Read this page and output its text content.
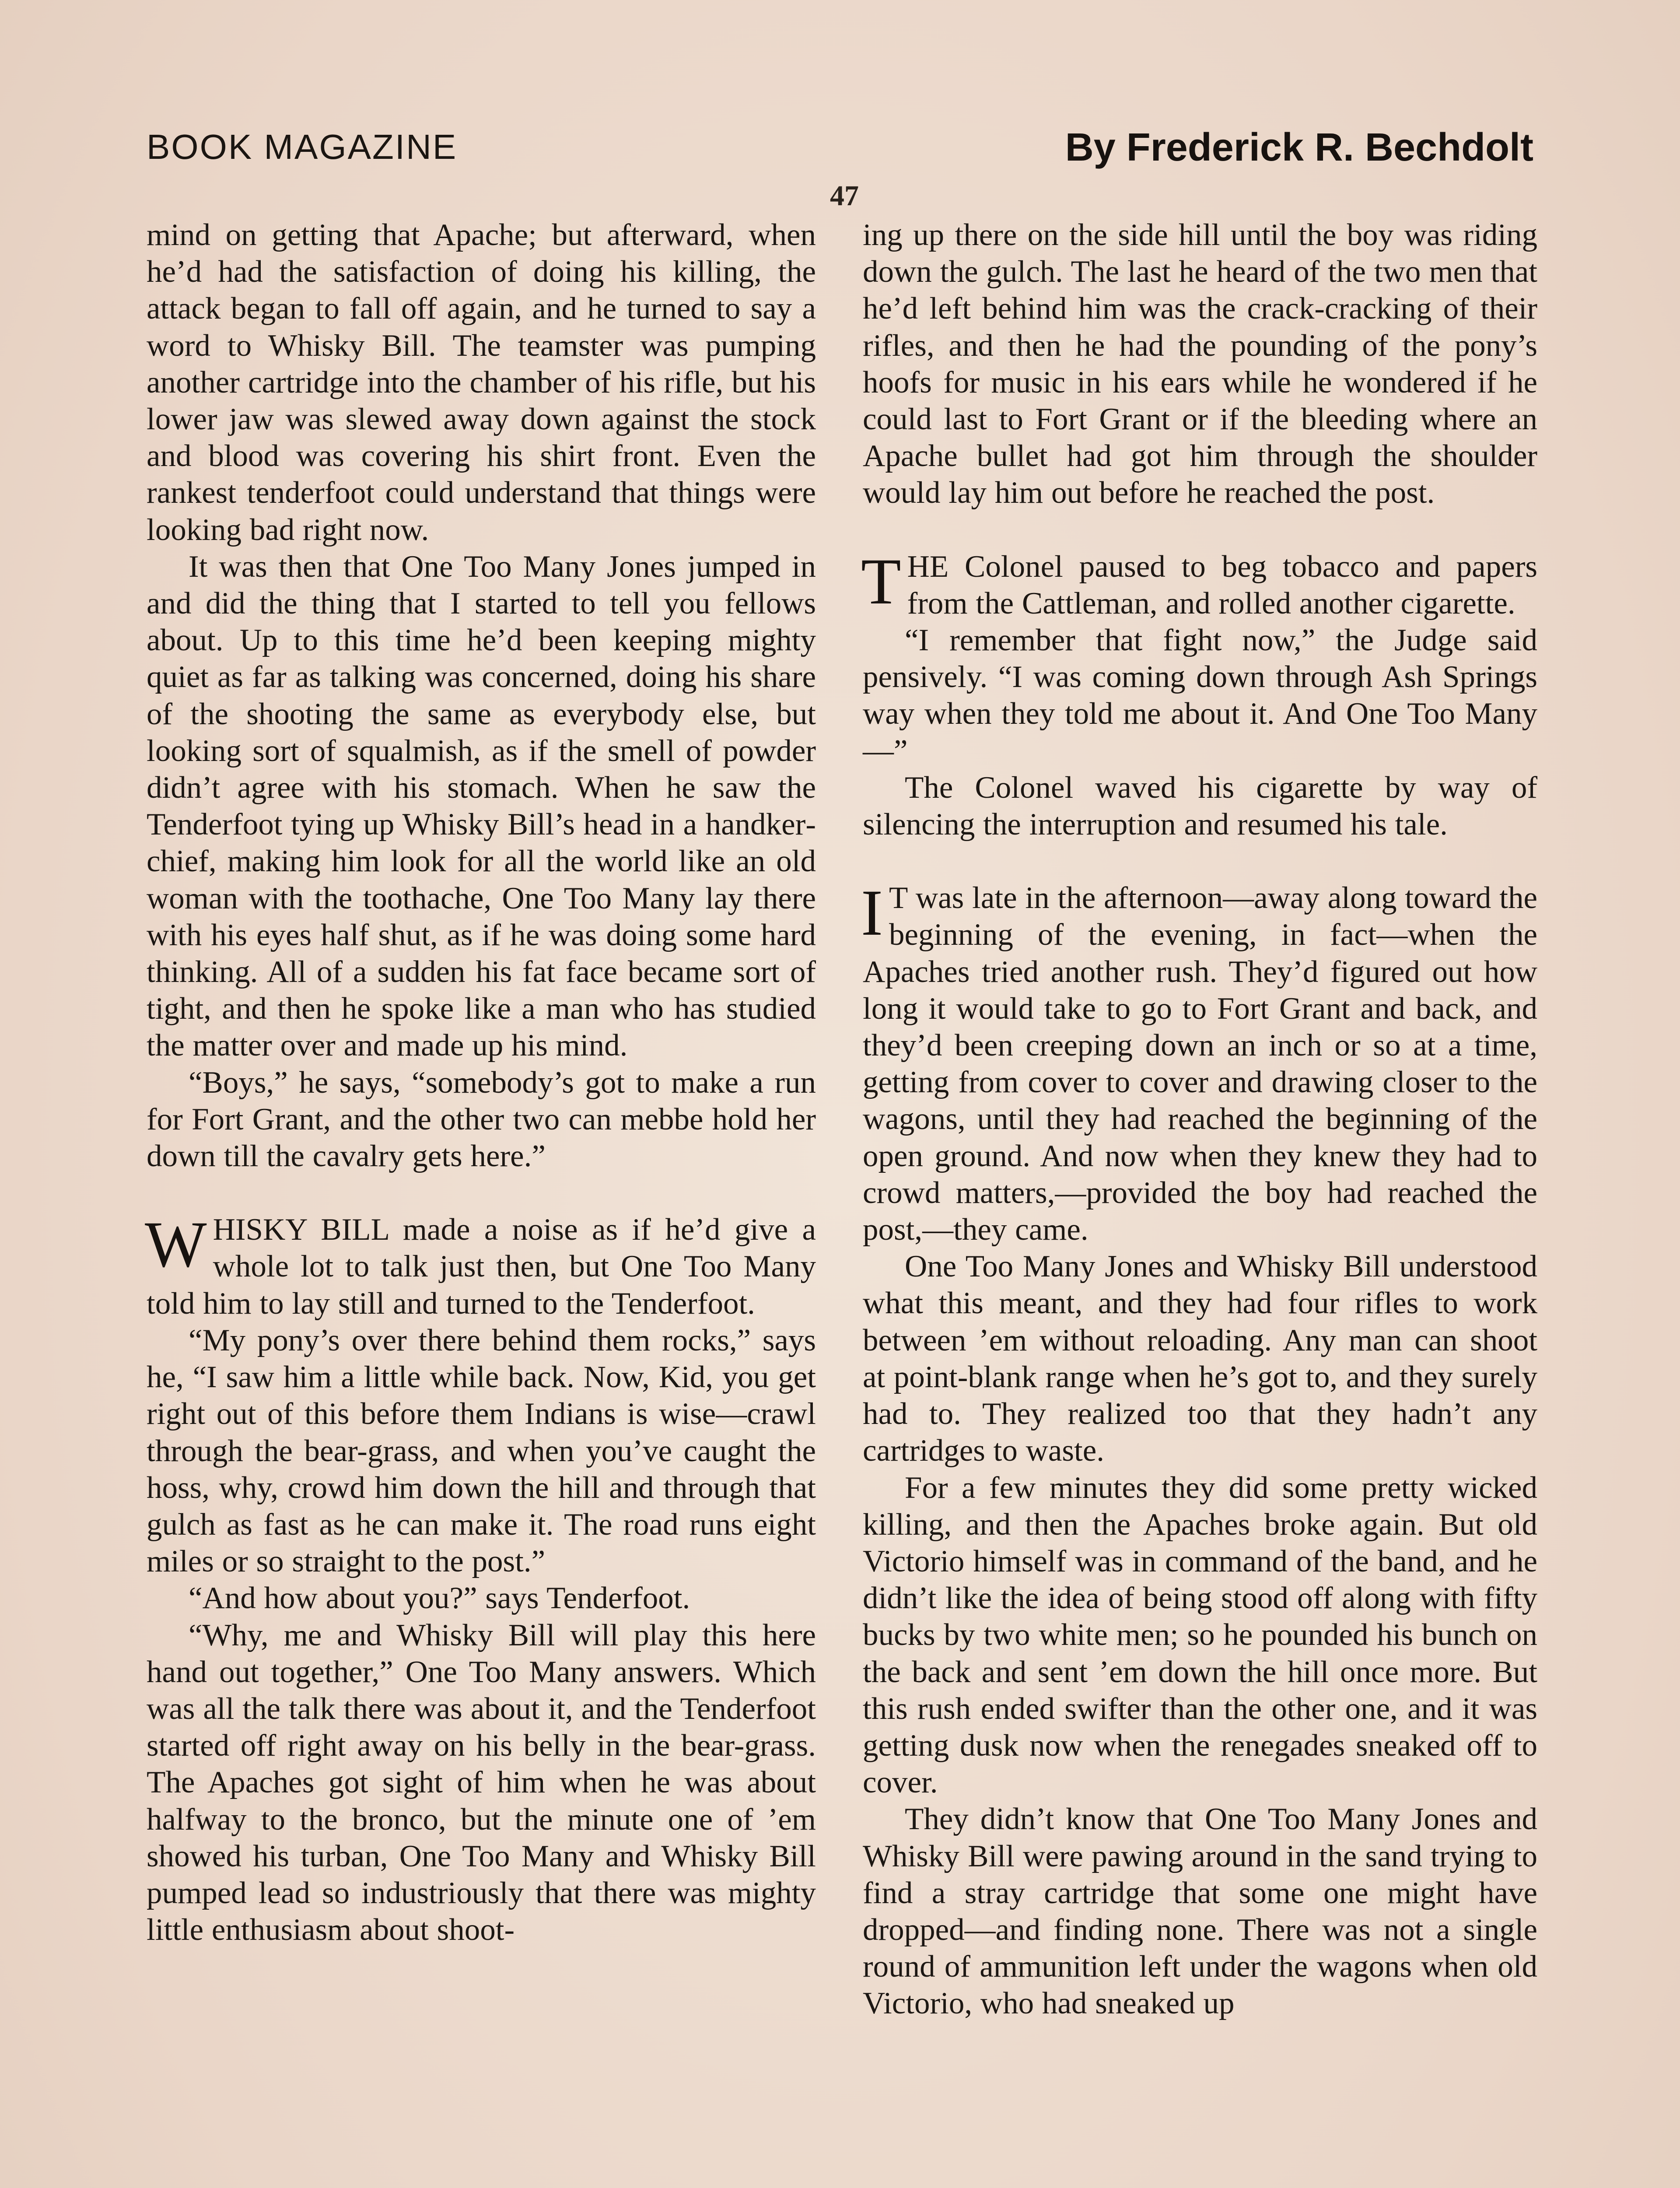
BOOK MAGAZINE	By Frederick R. Bechdolt
47

mind on getting that Apache; but afterward, when he’d had the satisfaction of doing his killing, the attack began to fall off again, and he turned to say a word to Whisky Bill. The teamster was pumping another cartridge into the chamber of his rifle, but his lower jaw was slewed away down against the stock and blood was covering his shirt front. Even the rankest tenderfoot could understand that things were looking bad right now.

It was then that One Too Many Jones jumped in and did the thing that I started to tell you fellows about. Up to this time he’d been keeping mighty quiet as far as talking was concerned, doing his share of the shooting the same as everybody else, but looking sort of squalmish, as if the smell of powder didn’t agree with his stomach. When he saw the Tenderfoot tying up Whisky Bill’s head in a handkerchief, making him look for all the world like an old woman with the toothache, One Too Many lay there with his eyes half shut, as if he was doing some hard thinking. All of a sudden his fat face became sort of tight, and then he spoke like a man who has studied the matter over and made up his mind.

“Boys,” he says, “somebody’s got to make a run for Fort Grant, and the other two can mebbe hold her down till the cavalry gets here.”

WHISKY BILL made a noise as if he’d give a whole lot to talk just then, but One Too Many told him to lay still and turned to the Tenderfoot.

“My pony’s over there behind them rocks,” says he, “I saw him a little while back. Now, Kid, you get right out of this before them Indians is wise—crawl through the bear-grass, and when you’ve caught the hoss, why, crowd him down the hill and through that gulch as fast as he can make it. The road runs eight miles or so straight to the post.”

“And how about you?” says Tenderfoot.

“Why, me and Whisky Bill will play this here hand out together,” One Too Many answers. Which was all the talk there was about it, and the Tenderfoot started off right away on his belly in the bear-grass. The Apaches got sight of him when he was about halfway to the bronco, but the minute one of ’em showed his turban, One Too Many and Whisky Bill pumped lead so industriously that there was mighty little enthusiasm about shoot-

ing up there on the side hill until the boy was riding down the gulch. The last he heard of the two men that he’d left behind him was the crack-cracking of their rifles, and then he had the pounding of the pony’s hoofs for music in his ears while he wondered if he could last to Fort Grant or if the bleeding where an Apache bullet had got him through the shoulder would lay him out before he reached the post.

THE Colonel paused to beg tobacco and papers from the Cattleman, and rolled another cigarette.

“I remember that fight now,” the Judge said pensively. “I was coming down through Ash Springs way when they told me about it. And One Too Many—”

The Colonel waved his cigarette by way of silencing the interruption and resumed his tale.

I T was late in the afternoon—away along toward the beginning of the evening, in fact—when the Apaches tried another rush. They’d figured out how long it would take to go to Fort Grant and back, and they’d been creeping down an inch or so at a time, getting from cover to cover and drawing closer to the wagons, until they had reached the beginning of the open ground. And now when they knew they had to crowd matters,—provided the boy had reached the post,—they came.

One Too Many Jones and Whisky Bill understood what this meant, and they had four rifles to work between ’em without reloading. Any man can shoot at point-blank range when he’s got to, and they surely had to. They realized too that they hadn’t any cartridges to waste.

For a few minutes they did some pretty wicked killing, and then the Apaches broke again. But old Victorio himself was in command of the band, and he didn’t like the idea of being stood off along with fifty bucks by two white men; so he pounded his bunch on the back and sent ’em down the hill once more. But this rush ended swifter than the other one, and it was getting dusk now when the renegades sneaked off to cover.

They didn’t know that One Too Many Jones and Whisky Bill were pawing around in the sand trying to find a stray cartridge that some one might have dropped—and finding none. There was not a single round of ammunition left under the wagons when old Victorio, who had sneaked up
